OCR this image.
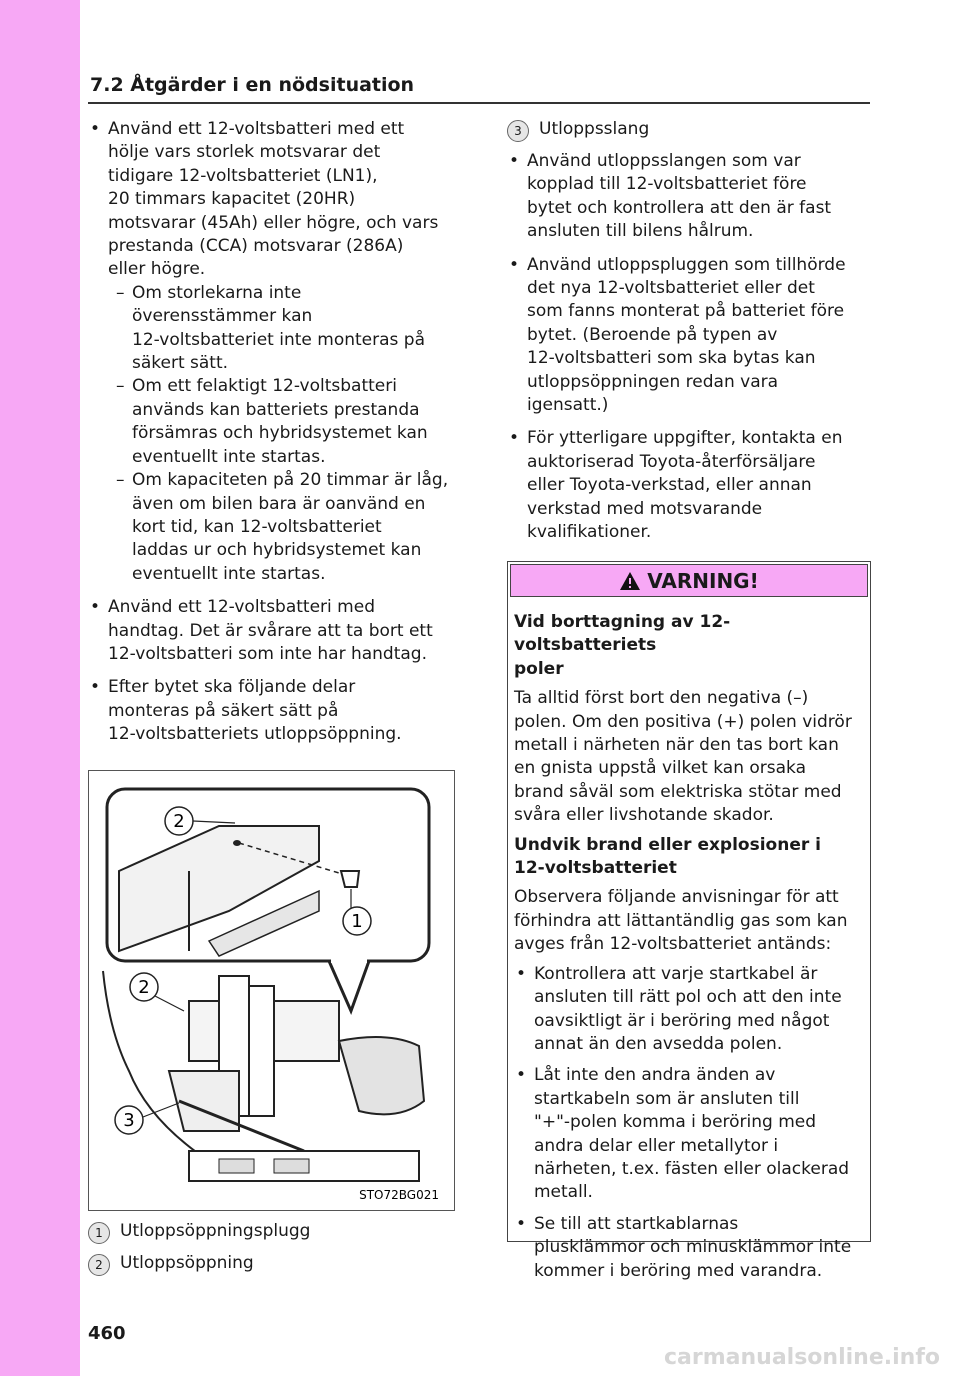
7.2 Åtgärder i en nödsituation

• Använd ett 12-voltsbatteri med ett
hölje vars storlek motsvarar det
tidigare 12-voltsbatteriet (LN1),
20 timmars kapacitet (20HR)
motsvarar (45Ah) eller högre, och vars
prestanda (CCA) motsvarar (286A)
eller högre.

– Om storlekarna inte
överensstämmer kan
12-voltsbatteriet inte monteras på
säkert sätt.

– Om ett felaktigt 12-voltsbatteri
används kan batteriets prestanda
försämras och hybridsystemet kan
eventuellt inte startas.

– Om kapaciteten på 20 timmar är låg,
även om bilen bara är oanvänd en
kort tid, kan 12-voltsbatteriet
laddas ur och hybridsystemet kan
eventuellt inte startas.

• Använd ett 12-voltsbatteri med
handtag. Det är svårare att ta bort ett
12-voltsbatteri som inte har handtag.

• Efter bytet ska följande delar
monteras på säkert sätt på
12-voltsbatteriets utloppsöppning.

2
1
2
3
STO72BG021
1	Utloppsöppningsplugg
2	Utloppsöppning
3	Utloppsslang

• Använd utloppsslangen som var
kopplad till 12-voltsbatteriet före
bytet och kontrollera att den är fast
ansluten till bilens hålrum.

• Använd utloppspluggen som tillhörde
det nya 12-voltsbatteriet eller det
som fanns monterat på batteriet före
bytet. (Beroende på typen av
12-voltsbatteri som ska bytas kan
utloppsöppningen redan vara
igensatt.)

• För ytterligare uppgifter, kontakta en
auktoriserad Toyota-återförsäljare
eller Toyota-verkstad, eller annan
verkstad med motsvarande
kvalifikationer.

VARNING!

Vid borttagning av 12-voltsbatteriets
poler

Ta alltid först bort den negativa (–)
polen. Om den positiva (+) polen vidrör
metall i närheten när den tas bort kan
en gnista uppstå vilket kan orsaka
brand såväl som elektriska stötar med
svåra eller livshotande skador.

Undvik brand eller explosioner i
12-voltsbatteriet

Observera följande anvisningar för att
förhindra att lättantändlig gas som kan
avges från 12-voltsbatteriet antänds:

• Kontrollera att varje startkabel är
ansluten till rätt pol och att den inte
oavsiktligt är i beröring med något
annat än den avsedda polen.

• Låt inte den andra änden av
startkabeln som är ansluten till
"+"-polen komma i beröring med
andra delar eller metallytor i
närheten, t.ex. fästen eller olackerad
metall.

• Se till att startkablarnas
plusklämmor och minusklämmor inte
kommer i beröring med varandra.

460
carmanualsonline.info
